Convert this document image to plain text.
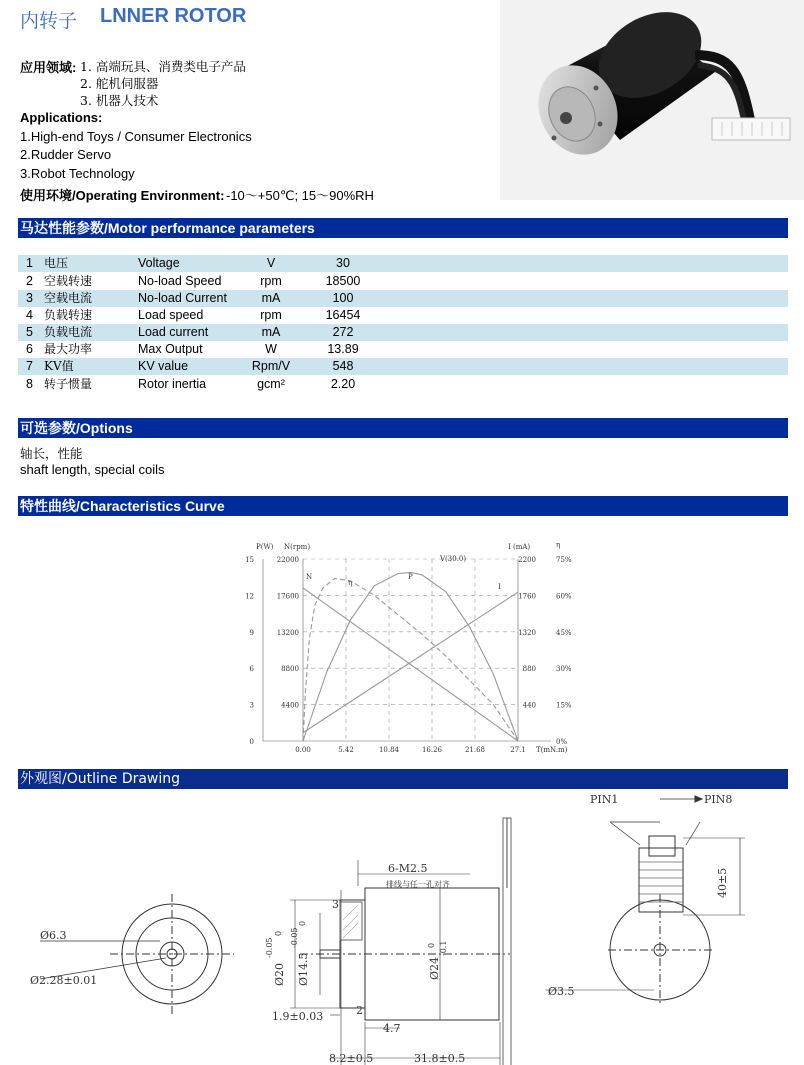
内转子 LNNER ROTOR
应用领域: 1. 高端玩具、消费类电子产品
2. 舵机伺服器
3. 机器人技术
Applications:
1.High-end Toys / Consumer Electronics
2.Rudder Servo
3.Robot Technology
使用环境/Operating Environment: -10～+50℃; 15～90%RH
马达性能参数/Motor performance parameters
1 电压	Voltage	V	30
2 空载转速	No-load Speed	rpm	18500
3 空载电流	No-load Current	mA	100
4 负载转速	Load speed	rpm	16454
5 负载电流	Load current	mA	272
6 最大功率	Max Output	W	13.89
7 KV值	KV value	Rpm/V	548
8 转子惯量	Rotor inertia	gcm²	2.20
可选参数/Options
轴长，性能
shaft length, special coils
特性曲线/Characteristics Curve
15
12
9
6
3
0
22000
17600
13200
8800
4400
2200
1760
1320
880
440
75%
60%
45%
30%
15%
0%
0.00	5.42	10.84	16.26	21.68	27.1
P(W) N(rpm)	I (mA)	η
T(mN.m)
V(30.0)
N
η
P
I
外观图/Outline Drawing
Ø6.3
Ø2.28±0.01
6-M2.5
排线与任一孔对齐
Ø20
-0.05
0
Ø14.5
-0.05
0
Ø24
-0.1
0
3
2
1.9±0.03
4.7
8.2±0.5	31.8±0.5
PIN1	PIN8
40±5
Ø3.5
